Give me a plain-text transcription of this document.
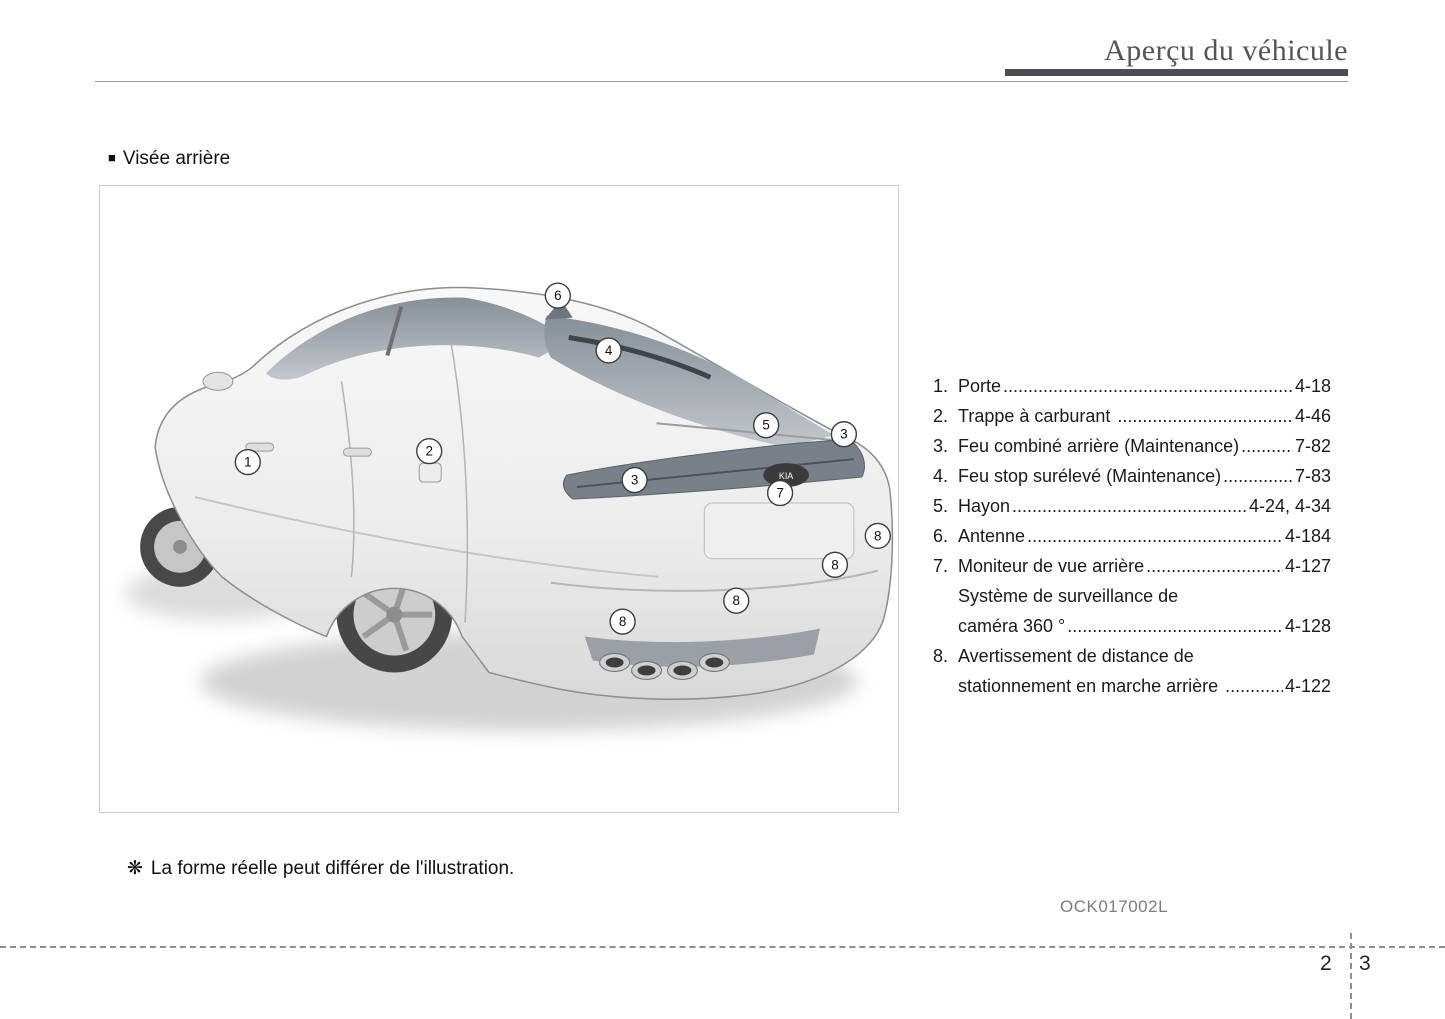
Aperçu du véhicule
■ Visée arrière
KIA
1
2
3
3
4
5
6
7
8
8
8
8
1. Porte .....	4-18
2. Trappe à carburant .....	4-46
3. Feu combiné arrière (Maintenance) .....	7-82
4. Feu stop surélevé (Maintenance) .....	7-83
5. Hayon .....	4-24, 4-34
6. Antenne .....	4-184
7. Moniteur de vue arrière .....	4-127
Système de surveillance de
caméra 360 ° .....	4-128
8. Avertissement de distance de
stationnement en marche arrière .....	4-122
❋ La forme réelle peut différer de l'illustration.
OCK017002L
2 3
